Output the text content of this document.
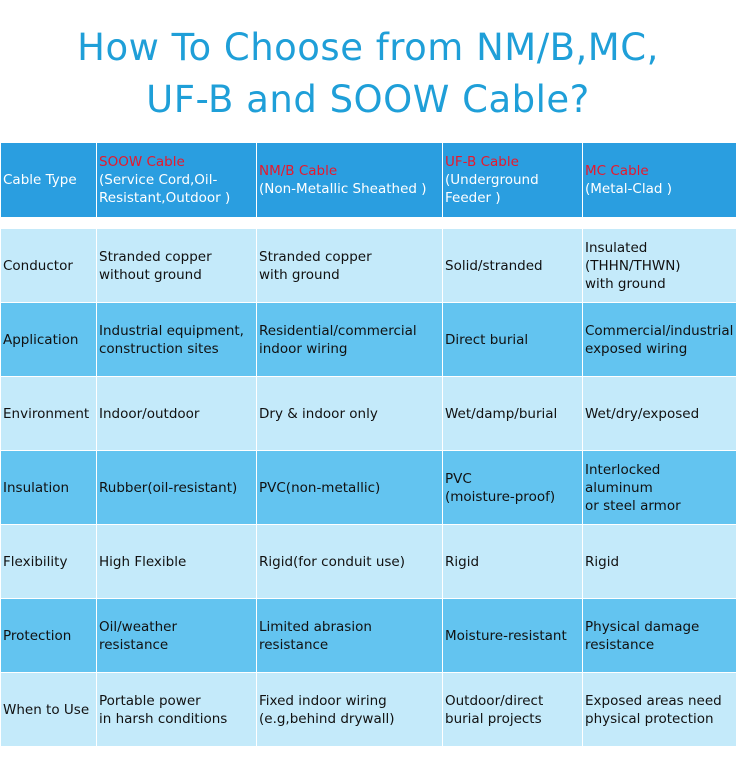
How To Choose from NM/B,MC,
UF-B and SOOW Cable?
Cable Type	SOOW Cable
(Service Cord,Oil-
Resistant,Outdoor )	NM/B Cable
(Non-Metallic Sheathed )	UF-B Cable
(Underground
Feeder )	MC Cable
(Metal-Clad )

Conductor	Stranded copper
without ground	Stranded copper
with ground	Solid/stranded	Insulated
(THHN/THWN)
with ground

Application	Industrial equipment,
construction sites	Residential/commercial
indoor wiring	Direct burial	Commercial/industrial
exposed wiring

Environment	Indoor/outdoor	Dry & indoor only	Wet/damp/burial	Wet/dry/exposed

Insulation	Rubber(oil-resistant)	PVC(non-metallic)	PVC
(moisture-proof)	Interlocked
aluminum
or steel armor

Flexibility	High Flexible	Rigid(for conduit use)	Rigid	Rigid

Protection	Oil/weather
resistance	Limited abrasion
resistance	Moisture-resistant	Physical damage
resistance

When to Use	Portable power
in harsh conditions	Fixed indoor wiring
(e.g,behind drywall)	Outdoor/direct
burial projects	Exposed areas need
physical protection
